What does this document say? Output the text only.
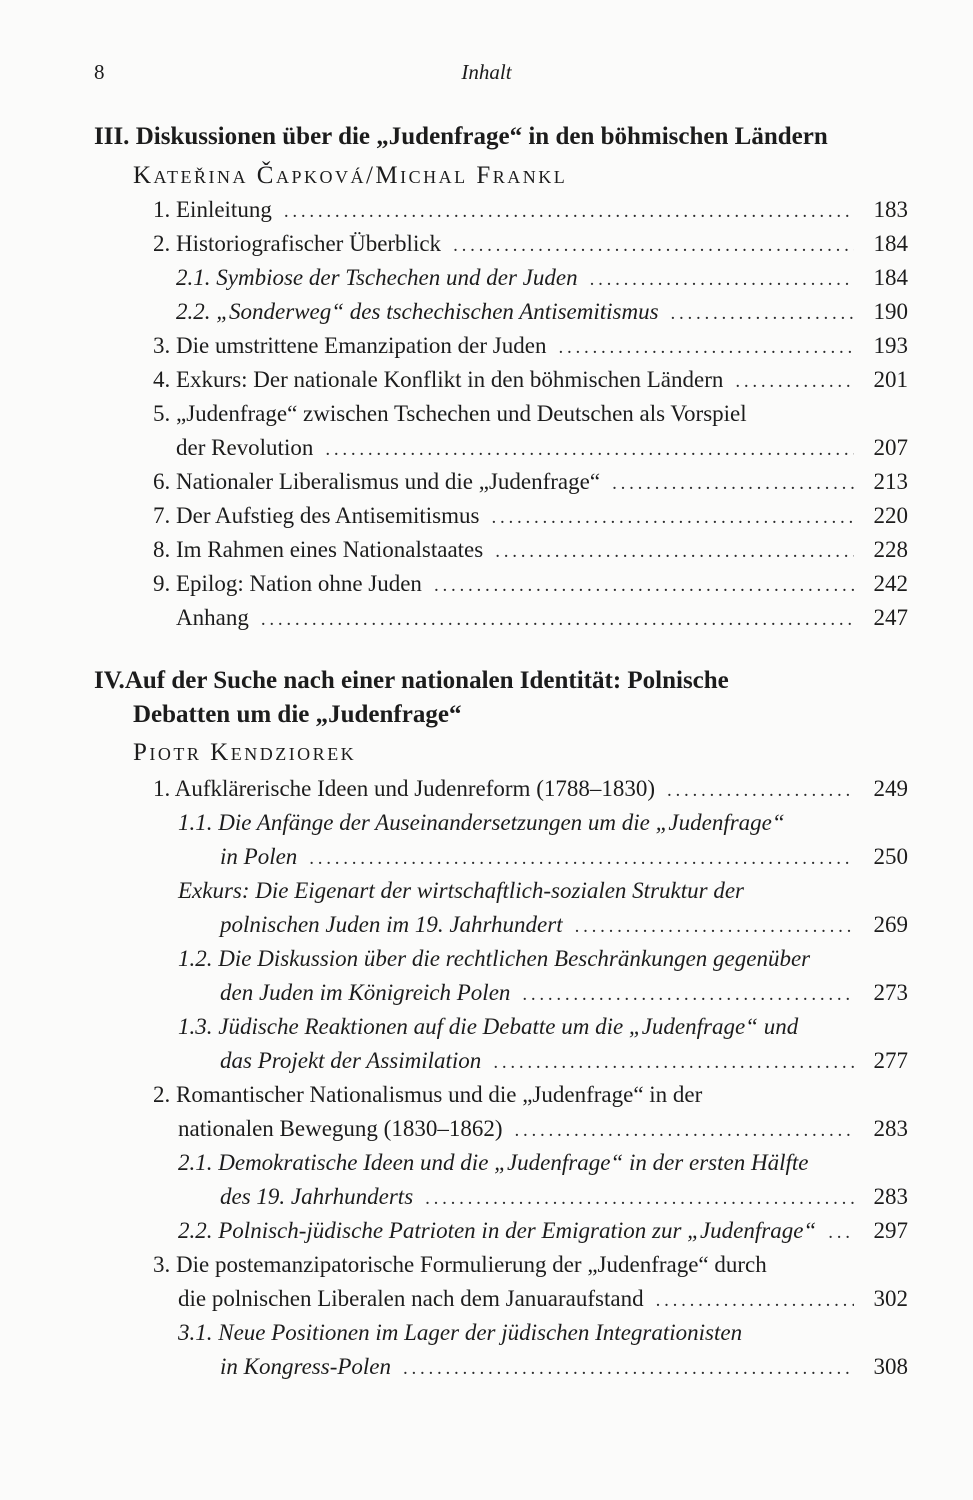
8	Inhalt
III. Diskussionen über die „Judenfrage“ in den böhmischen Ländern
Kateřina Čapková/Michal Frankl
1. Einleitung . . .	183
2. Historiografischer Überblick . . .	184
2.1. Symbiose der Tschechen und der Juden . . .	184
2.2. „Sonderweg“ des tschechischen Antisemitismus . . .	190
3. Die umstrittene Emanzipation der Juden . . .	193
4. Exkurs: Der nationale Konflikt in den böhmischen Ländern . . .	201
5. „Judenfrage“ zwischen Tschechen und Deutschen als Vorspiel
der Revolution . . .	207
6. Nationaler Liberalismus und die „Judenfrage“ . . .	213
7. Der Aufstieg des Antisemitismus . . .	220
8. Im Rahmen eines Nationalstaates . . .	228
9. Epilog: Nation ohne Juden . . .	242
Anhang . . .	247
IV.Auf der Suche nach einer nationalen Identität: Polnische
Debatten um die „Judenfrage“
Piotr Kendziorek
1. Aufklärerische Ideen und Judenreform (1788–1830) . . .	249
1.1. Die Anfänge der Auseinandersetzungen um die „Judenfrage“
in Polen . . .	250
Exkurs: Die Eigenart der wirtschaftlich-sozialen Struktur der
polnischen Juden im 19. Jahrhundert . . .	269
1.2. Die Diskussion über die rechtlichen Beschränkungen gegenüber
den Juden im Königreich Polen . . .	273
1.3. Jüdische Reaktionen auf die Debatte um die „Judenfrage“ und
das Projekt der Assimilation . . .	277
2. Romantischer Nationalismus und die „Judenfrage“ in der
nationalen Bewegung (1830–1862) . . .	283
2.1. Demokratische Ideen und die „Judenfrage“ in der ersten Hälfte
des 19. Jahrhunderts . . .	283
2.2. Polnisch-jüdische Patrioten in der Emigration zur „Judenfrage“ . . .	297
3. Die postemanzipatorische Formulierung der „Judenfrage“ durch
die polnischen Liberalen nach dem Januaraufstand . . .	302
3.1. Neue Positionen im Lager der jüdischen Integrationisten
in Kongress-Polen . . .	308
